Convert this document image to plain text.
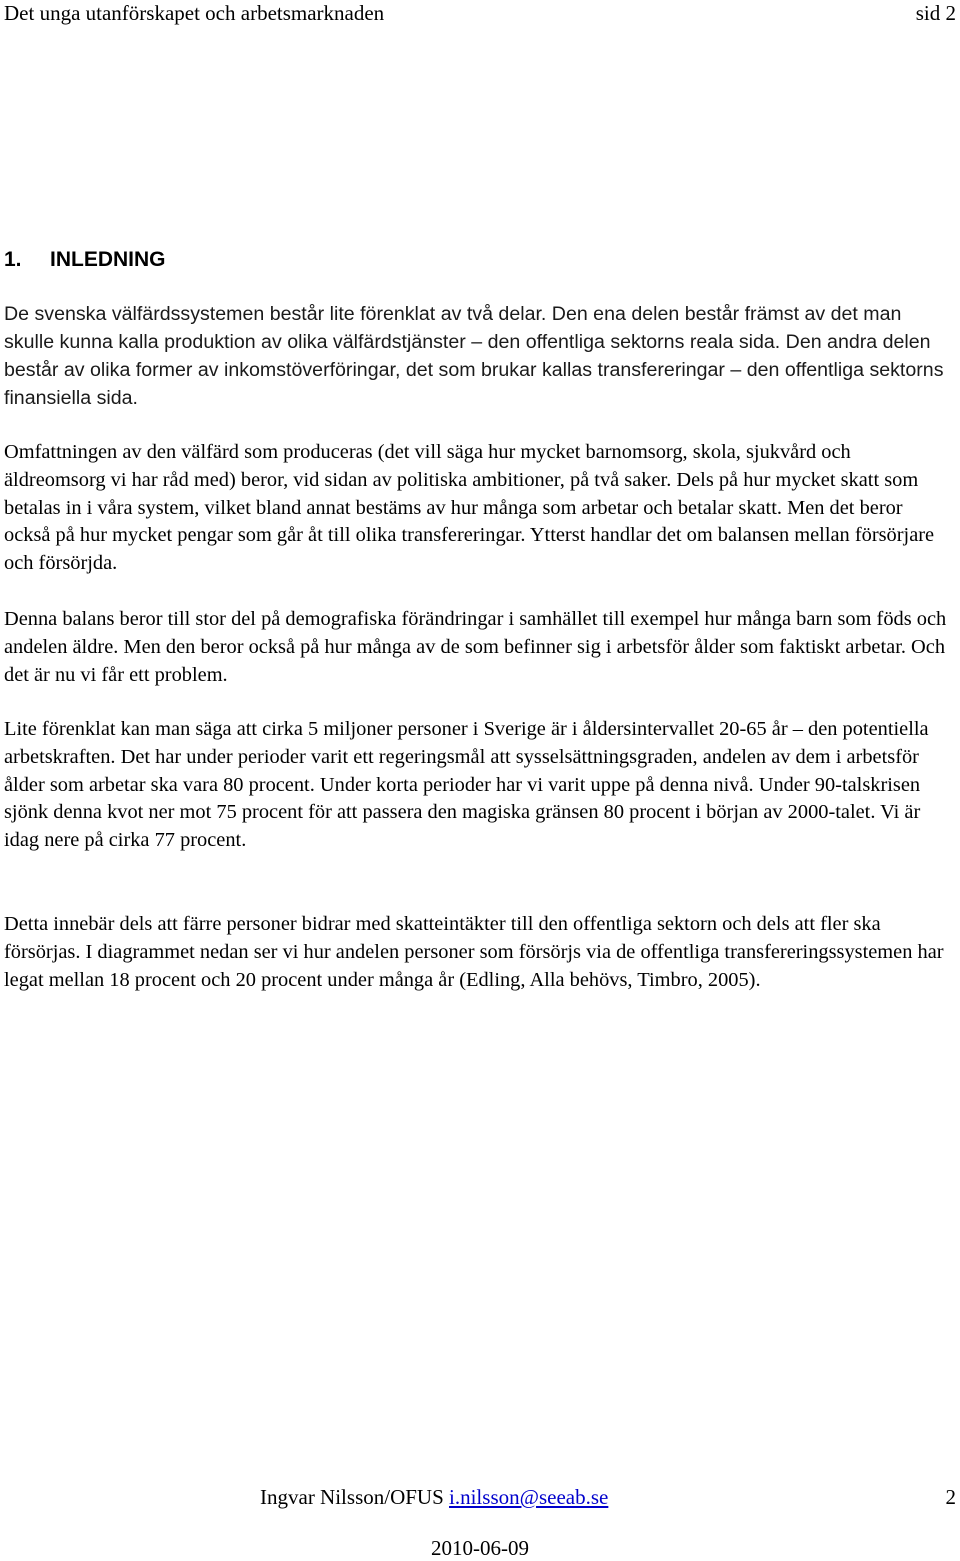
Det unga utanförskapet och arbetsmarknaden	sid 2
1. INLEDNING

De svenska välfärdssystemen består lite förenklat av två delar. Den ena delen består främst av det man skulle kunna kalla produktion av olika välfärdstjänster – den offentliga sektorns reala sida. Den andra delen består av olika former av inkomstöverföringar, det som brukar kallas transfereringar – den offentliga sektorns finansiella sida.

Omfattningen av den välfärd som produceras (det vill säga hur mycket barnomsorg, skola, sjukvård och äldreomsorg vi har råd med) beror, vid sidan av politiska ambitioner, på två saker. Dels på hur mycket skatt som betalas in i våra system, vilket bland annat bestäms av hur många som arbetar och betalar skatt. Men det beror också på hur mycket pengar som går åt till olika transfereringar. Ytterst handlar det om balansen mellan försörjare och försörjda.

Denna balans beror till stor del på demografiska förändringar i samhället till exempel hur många barn som föds och andelen äldre. Men den beror också på hur många av de som befinner sig i arbetsför ålder som faktiskt arbetar. Och det är nu vi får ett problem.

Lite förenklat kan man säga att cirka 5 miljoner personer i Sverige är i åldersintervallet 20-65 år – den potentiella arbetskraften. Det har under perioder varit ett regeringsmål att sysselsättningsgraden, andelen av dem i arbetsför ålder som arbetar ska vara 80 procent. Under korta perioder har vi varit uppe på denna nivå. Under 90-talskrisen sjönk denna kvot ner mot 75 procent för att passera den magiska gränsen 80 procent i början av 2000-talet. Vi är idag nere på cirka 77 procent.

Detta innebär dels att färre personer bidrar med skatteintäkter till den offentliga sektorn och dels att fler ska försörjas. I diagrammet nedan ser vi hur andelen personer som försörjs via de offentliga transfereringssystemen har legat mellan 18 procent och 20 procent under många år (Edling, Alla behövs, Timbro, 2005).

Ingvar Nilsson/OFUS i.nilsson@seeab.se	2
2010-06-09
